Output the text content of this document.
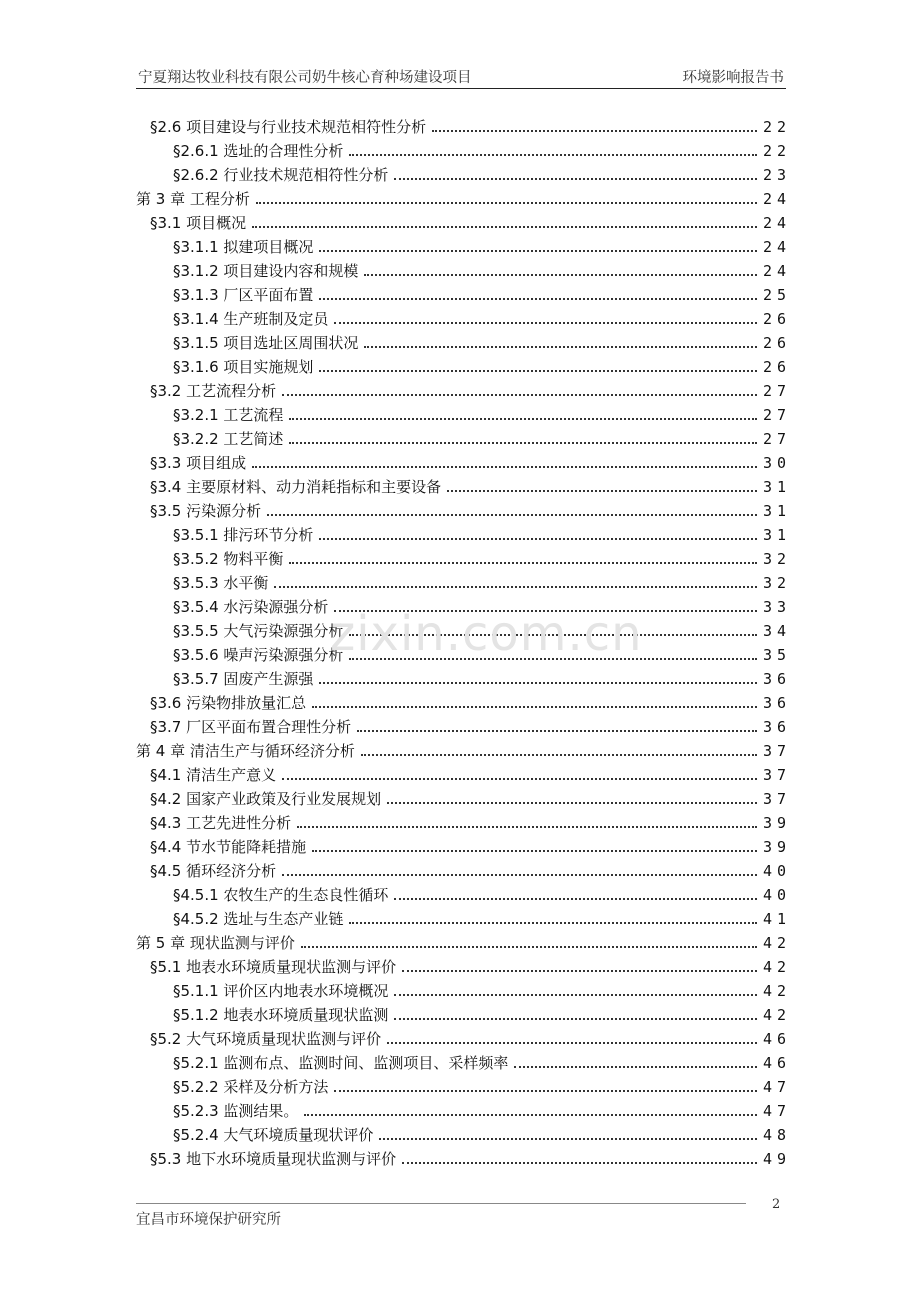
宁夏翔达牧业科技有限公司奶牛核心育种场建设项目	环境影响报告书
§2.6 项目建设与行业技术规范相符性分析	22
§2.6.1 选址的合理性分析	22
§2.6.2 行业技术规范相符性分析	23
第 3 章 工程分析	24
§3.1 项目概况	24
§3.1.1 拟建项目概况	24
§3.1.2 项目建设内容和规模	24
§3.1.3 厂区平面布置	25
§3.1.4 生产班制及定员	26
§3.1.5 项目选址区周围状况	26
§3.1.6 项目实施规划	26
§3.2 工艺流程分析	27
§3.2.1 工艺流程	27
§3.2.2 工艺简述	27
§3.3 项目组成	30
§3.4 主要原材料、动力消耗指标和主要设备	31
§3.5 污染源分析	31
§3.5.1 排污环节分析	31
§3.5.2 物料平衡	32
§3.5.3 水平衡	32
§3.5.4 水污染源强分析	33
§3.5.5 大气污染源强分析	34
§3.5.6 噪声污染源强分析	35
§3.5.7 固废产生源强	36
§3.6 污染物排放量汇总	36
§3.7 厂区平面布置合理性分析	36
第 4 章 清洁生产与循环经济分析	37
§4.1 清洁生产意义	37
§4.2 国家产业政策及行业发展规划	37
§4.3 工艺先进性分析	39
§4.4 节水节能降耗措施	39
§4.5 循环经济分析	40
§4.5.1 农牧生产的生态良性循环	40
§4.5.2 选址与生态产业链	41
第 5 章 现状监测与评价	42
§5.1 地表水环境质量现状监测与评价	42
§5.1.1 评价区内地表水环境概况	42
§5.1.2 地表水环境质量现状监测	42
§5.2 大气环境质量现状监测与评价	46
§5.2.1 监测布点、监测时间、监测项目、采样频率	46
§5.2.2 采样及分析方法	47
§5.2.3 监测结果。	47
§5.2.4 大气环境质量现状评价	48
§5.3 地下水环境质量现状监测与评价	49
zixin.com.cn
宜昌市环境保护研究所
2
